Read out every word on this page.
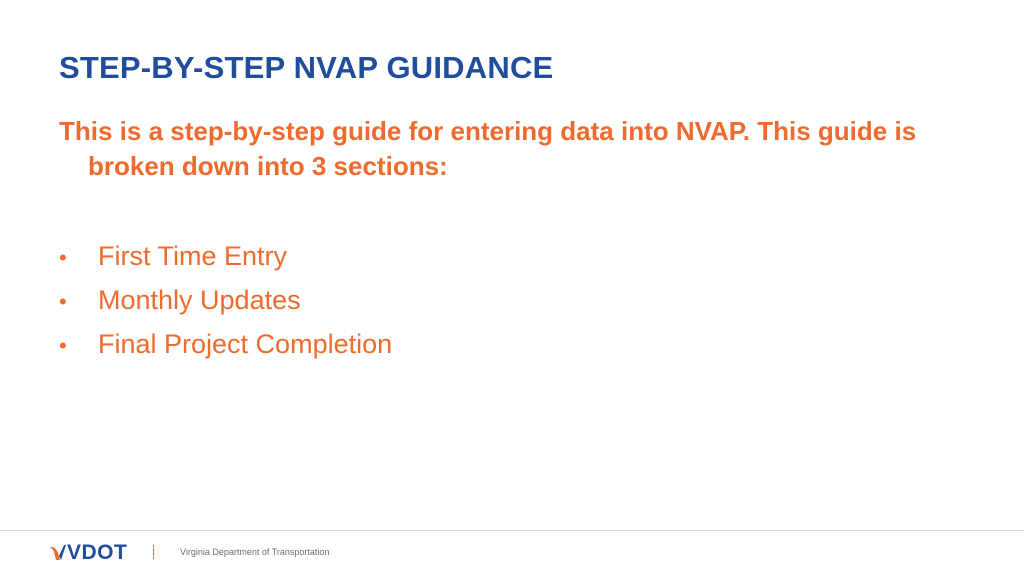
STEP-BY-STEP NVAP GUIDANCE

This is a step-by-step guide for entering data into NVAP. This guide is broken down into 3 sections:

•	First Time Entry
•	Monthly Updates
•	Final Project Completion
VDOT	Virginia Department of Transportation
